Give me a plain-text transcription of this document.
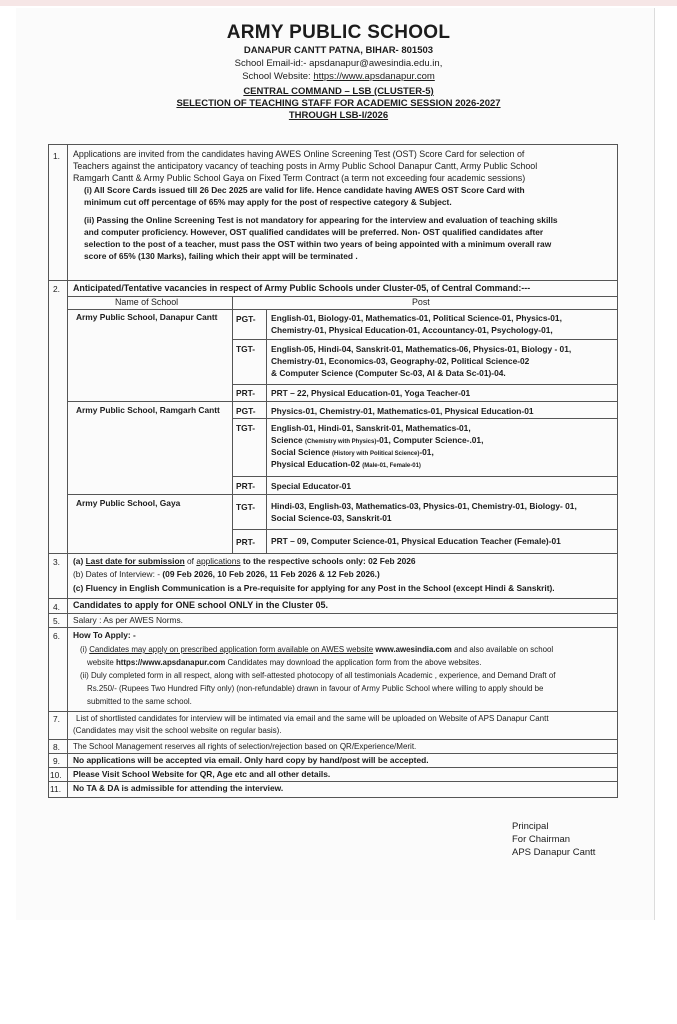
ARMY PUBLIC SCHOOL
DANAPUR CANTT PATNA, BIHAR- 801503
School Email-id:- apsdanapur@awesindia.edu.in,
School Website: https://www.apsdanapur.com
CENTRAL COMMAND – LSB (CLUSTER-5)
SELECTION OF TEACHING STAFF FOR ACADEMIC SESSION 2026-2027
THROUGH LSB-I/2026
1. Applications are invited from the candidates having AWES Online Screening Test (OST) Score Card for selection of
Teachers against the anticipatory vacancy of teaching posts in Army Public School Danapur Cantt, Army Public School
Ramgarh Cantt & Army Public School Gaya on Fixed Term Contract (a term not exceeding four academic sessions)
(i) All Score Cards issued till 26 Dec 2025 are valid for life. Hence candidate having AWES OST Score Card with
minimum cut off percentage of 65% may apply for the post of respective category & Subject.
(ii) Passing the Online Screening Test is not mandatory for appearing for the interview and evaluation of teaching skills
and computer proficiency. However, OST qualified candidates will be preferred. Non- OST qualified candidates after
selection to the post of a teacher, must pass the OST within two years of being appointed with a minimum overall raw
score of 65% (130 Marks), failing which their appt will be terminated .
2. Anticipated/Tentative vacancies in respect of Army Public Schools under Cluster-05, of Central Command:---
Name of School	Post
Army Public School, Danapur Cantt PGT- English-01, Biology-01, Mathematics-01, Political Science-01, Physics-01,
Chemistry-01, Physical Education-01, Accountancy-01, Psychology-01,
TGT- English-05, Hindi-04, Sanskrit-01, Mathematics-06, Physics-01, Biology - 01,
Chemistry-01, Economics-03, Geography-02, Political Science-02
& Computer Science (Computer Sc-03, AI & Data Sc-01)-04.
PRT- PRT – 22, Physical Education-01, Yoga Teacher-01
Army Public School, Ramgarh Cantt PGT- Physics-01, Chemistry-01, Mathematics-01, Physical Education-01
TGT- English-01, Hindi-01, Sanskrit-01, Mathematics-01,
Science (Chemistry with Physics)-01, Computer Science-.01,
Social Science (History with Political Science)-01,
Physical Education-02 (Male-01, Female-01)
PRT- Special Educator-01
Army Public School, Gaya	TGT- Hindi-03, English-03, Mathematics-03, Physics-01, Chemistry-01, Biology- 01,
Social Science-03, Sanskrit-01
PRT- PRT – 09, Computer Science-01, Physical Education Teacher (Female)-01
3. (a) Last date for submission of applications to the respective schools only: 02 Feb 2026
(b) Dates of Interview: - (09 Feb 2026, 10 Feb 2026, 11 Feb 2026 & 12 Feb 2026.)
(c) Fluency in English Communication is a Pre-requisite for applying for any Post in the School (except Hindi & Sanskrit).
4. Candidates to apply for ONE school ONLY in the Cluster 05.
5. Salary : As per AWES Norms.
6. How To Apply: -
(i) Candidates may apply on prescribed application form available on AWES website www.awesindia.com and also available on school
website https://www.apsdanapur.com Candidates may download the application form from the above websites.
(ii) Duly completed form in all respect, along with self-attested photocopy of all testimonials Academic , experience, and Demand Draft of
Rs.250/- (Rupees Two Hundred Fifty only) (non-refundable) drawn in favour of Army Public School where willing to apply should be
submitted to the same school.
7. List of shortlisted candidates for interview will be intimated via email and the same will be uploaded on Website of APS Danapur Cantt
(Candidates may visit the school website on regular basis).
8. The School Management reserves all rights of selection/rejection based on QR/Experience/Merit.
9. No applications will be accepted via email. Only hard copy by hand/post will be accepted.
10. Please Visit School Website for QR, Age etc and all other details.
11. No TA & DA is admissible for attending the interview.
Principal
For Chairman
APS Danapur Cantt
